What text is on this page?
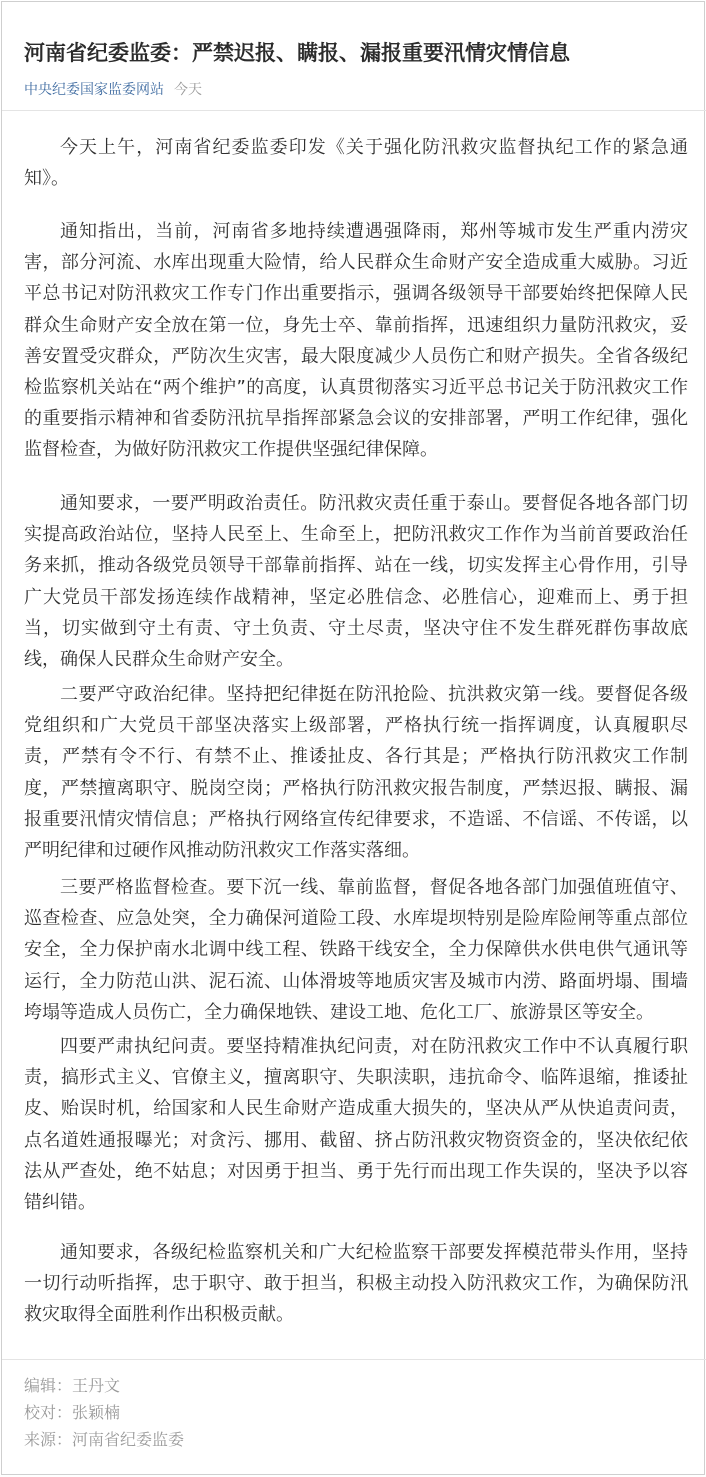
河南省纪委监委：严禁迟报、瞒报、漏报重要汛情灾情信息
中央纪委国家监委网站 今天

今天上午，河南省纪委监委印发《关于强化防汛救灾监督执纪工作的紧急通知》。

通知指出，当前，河南省多地持续遭遇强降雨，郑州等城市发生严重内涝灾害，部分河流、水库出现重大险情，给人民群众生命财产安全造成重大威胁。习近平总书记对防汛救灾工作专门作出重要指示，强调各级领导干部要始终把保障人民群众生命财产安全放在第一位，身先士卒、靠前指挥，迅速组织力量防汛救灾，妥善安置受灾群众，严防次生灾害，最大限度减少人员伤亡和财产损失。全省各级纪检监察机关站在“两个维护”的高度，认真贯彻落实习近平总书记关于防汛救灾工作的重要指示精神和省委防汛抗旱指挥部紧急会议的安排部署，严明工作纪律，强化监督检查，为做好防汛救灾工作提供坚强纪律保障。

通知要求，一要严明政治责任。防汛救灾责任重于泰山。要督促各地各部门切实提高政治站位，坚持人民至上、生命至上，把防汛救灾工作作为当前首要政治任务来抓，推动各级党员领导干部靠前指挥、站在一线，切实发挥主心骨作用，引导广大党员干部发扬连续作战精神，坚定必胜信念、必胜信心，迎难而上、勇于担当，切实做到守土有责、守土负责、守土尽责，坚决守住不发生群死群伤事故底线，确保人民群众生命财产安全。

二要严守政治纪律。坚持把纪律挺在防汛抢险、抗洪救灾第一线。要督促各级党组织和广大党员干部坚决落实上级部署，严格执行统一指挥调度，认真履职尽责，严禁有令不行、有禁不止、推诿扯皮、各行其是；严格执行防汛救灾工作制度，严禁擅离职守、脱岗空岗；严格执行防汛救灾报告制度，严禁迟报、瞒报、漏报重要汛情灾情信息；严格执行网络宣传纪律要求，不造谣、不信谣、不传谣，以严明纪律和过硬作风推动防汛救灾工作落实落细。

三要严格监督检查。要下沉一线、靠前监督，督促各地各部门加强值班值守、巡查检查、应急处突，全力确保河道险工段、水库堤坝特别是险库险闸等重点部位安全，全力保护南水北调中线工程、铁路干线安全，全力保障供水供电供气通讯等运行，全力防范山洪、泥石流、山体滑坡等地质灾害及城市内涝、路面坍塌、围墙垮塌等造成人员伤亡，全力确保地铁、建设工地、危化工厂、旅游景区等安全。

四要严肃执纪问责。要坚持精准执纪问责，对在防汛救灾工作中不认真履行职责，搞形式主义、官僚主义，擅离职守、失职渎职，违抗命令、临阵退缩，推诿扯皮、贻误时机，给国家和人民生命财产造成重大损失的，坚决从严从快追责问责，点名道姓通报曝光；对贪污、挪用、截留、挤占防汛救灾物资资金的，坚决依纪依法从严查处，绝不姑息；对因勇于担当、勇于先行而出现工作失误的，坚决予以容错纠错。

通知要求，各级纪检监察机关和广大纪检监察干部要发挥模范带头作用，坚持一切行动听指挥，忠于职守、敢于担当，积极主动投入防汛救灾工作，为确保防汛救灾取得全面胜利作出积极贡献。

编辑：王丹文
校对：张颖楠
来源：河南省纪委监委
